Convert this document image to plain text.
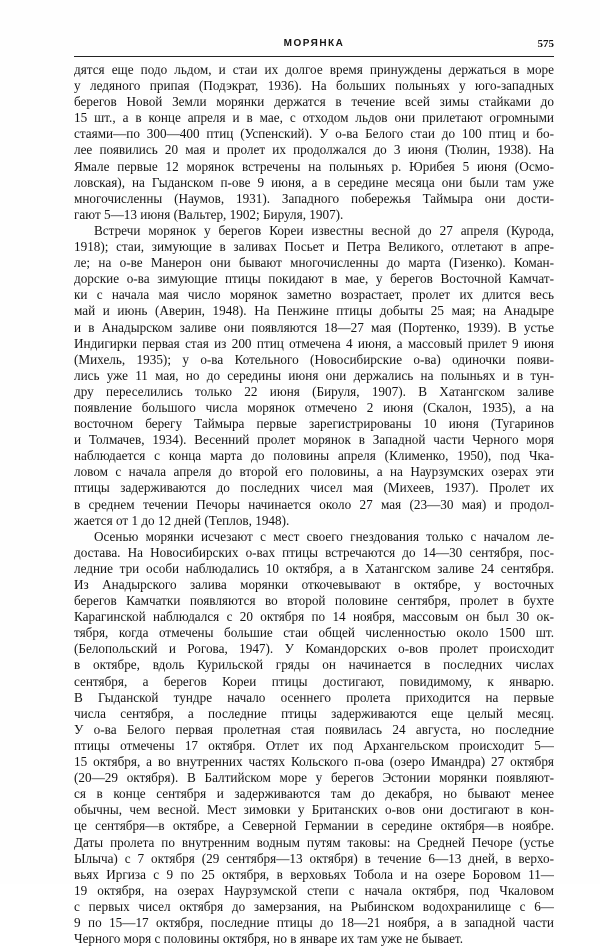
МОРЯНКА	575
дятся еще подо льдом, и стаи их долгое время принуждены держаться в море
у ледяного припая (Подэкрат, 1936). На больших полыньях у юго-западных
берегов Новой Земли морянки держатся в течение всей зимы стайками до
15 шт., а в конце апреля и в мае, с отходом льдов они прилетают огромными
стаями—по 300—400 птиц (Успенский). У о-ва Белого стаи до 100 птиц и бо-
лее появились 20 мая и пролет их продолжался до 3 июня (Тюлин, 1938). На
Ямале первые 12 морянок встречены на полыньях р. Юрибея 5 июня (Осмо-
ловская), на Гыданском п-ове 9 июня, а в середине месяца они были там уже
многочисленны (Наумов, 1931). Западного побережья Таймыра они дости-
гают 5—13 июня (Вальтер, 1902; Бируля, 1907).
Встречи морянок у берегов Кореи известны весной до 27 апреля (Курода,
1918); стаи, зимующие в заливах Посьет и Петра Великого, отлетают в апре-
ле; на о-ве Манерон они бывают многочисленны до марта (Гизенко). Коман-
дорские о-ва зимующие птицы покидают в мае, у берегов Восточной Камчат-
ки с начала мая число морянок заметно возрастает, пролет их длится весь
май и июнь (Аверин, 1948). На Пенжине птицы добыты 25 мая; на Анадыре
и в Анадырском заливе они появляются 18—27 мая (Портенко, 1939). В устье
Индигирки первая стая из 200 птиц отмечена 4 июня, а массовый прилет 9 июня
(Михель, 1935); у о-ва Котельного (Новосибирские о-ва) одиночки появи-
лись уже 11 мая, но до середины июня они держались на полыньях и в тун-
дру переселились только 22 июня (Бируля, 1907). В Хатангском заливе
появление большого числа морянок отмечено 2 июня (Скалон, 1935), а на
восточном берегу Таймыра первые зарегистрированы 10 июня (Тугаринов
и Толмачев, 1934). Весенний пролет морянок в Западной части Черного моря
наблюдается с конца марта до половины апреля (Клименко, 1950), под Чка-
ловом с начала апреля до второй его половины, а на Наурзумских озерах эти
птицы задерживаются до последних чисел мая (Михеев, 1937). Пролет их
в среднем течении Печоры начинается около 27 мая (23—30 мая) и продол-
жается от 1 до 12 дней (Теплов, 1948).
Осенью морянки исчезают с мест своего гнездования только с началом ле-
достава. На Новосибирских о-вах птицы встречаются до 14—30 сентября, пос-
ледние три особи наблюдались 10 октября, а в Хатангском заливе 24 сентября.
Из Анадырского залива морянки откочевывают в октябре, у восточных
берегов Камчатки появляются во второй половине сентября, пролет в бухте
Карагинской наблюдался с 20 октября по 14 ноября, массовым он был 30 ок-
тября, когда отмечены большие стаи общей численностью около 1500 шт.
(Белопольский и Рогова, 1947). У Командорских о-вов пролет происходит
в октябре, вдоль Курильской гряды он начинается в последних числах
сентября, а берегов Кореи птицы достигают, повидимому, к январю.
В Гыданской тундре начало осеннего пролета приходится на первые
числа сентября, а последние птицы задерживаются еще целый месяц.
У о-ва Белого первая пролетная стая появилась 24 августа, но последние
птицы отмечены 17 октября. Отлет их под Архангельском происходит 5—
15 октября, а во внутренних частях Кольского п-ова (озеро Имандра) 27 октября
(20—29 октября). В Балтийском море у берегов Эстонии морянки появляют-
ся в конце сентября и задерживаются там до декабря, но бывают менее
обычны, чем весной. Мест зимовки у Британских о-вов они достигают в кон-
це сентября—в октябре, а Северной Германии в середине октября—в ноябре.
Даты пролета по внутренним водным путям таковы: на Средней Печоре (устье
Ылыча) с 7 октября (29 сентября—13 октября) в течение 6—13 дней, в верхо-
вьях Иргиза с 9 по 25 октября, в верховьях Тобола и на озере Боровом 11—
19 октября, на озерах Наурзумской степи с начала октября, под Чкаловом
с первых чисел октября до замерзания, на Рыбинском водохранилище с 6—
9 по 15—17 октября, последние птицы до 18—21 ноября, а в западной части
Черного моря с половины октября, но в январе их там уже не бывает.
